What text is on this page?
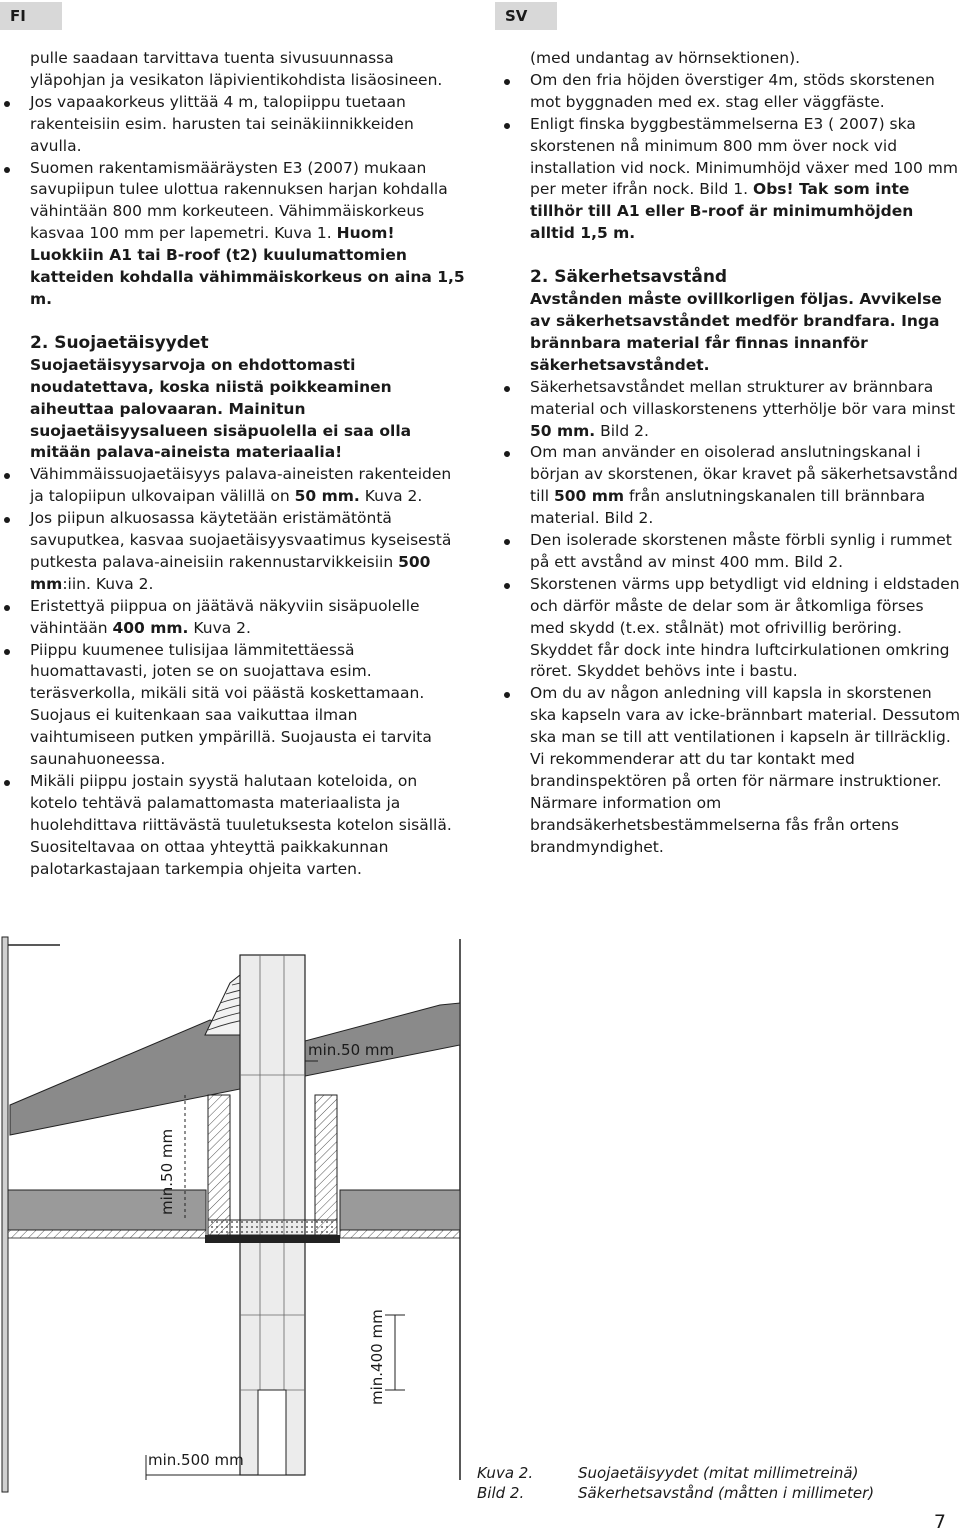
FI	SV

pulle saadaan tarvittava tuenta sivusuunnassa yläpohjan ja vesikaton läpivientikohdista lisäosineen.

Jos vapaakorkeus ylittää 4 m, talopiippu tuetaan rakenteisiin esim. harusten tai seinäkiinnikkeiden avulla.
Suomen rakentamismääräysten E3 (2007) mukaan savupiipun tulee ulottua rakennuksen harjan kohdalla vähintään 800 mm korkeuteen. Vähimmäiskorkeus kasvaa 100 mm per lapemetri. Kuva 1. Huom! Luokkiin A1 tai B-roof (t2) kuulumattomien katteiden kohdalla vähimmäiskorkeus on aina 1,5 m.

2. Suojaetäisyydet

Suojaetäisyysarvoja on ehdottomasti noudatettava, koska niistä poikkeaminen aiheuttaa palovaaran. Mainitun suojaetäisyysalueen sisäpuolella ei saa olla mitään palava-aineista materiaalia!

Vähimmäissuojaetäisyys palava-aineisten rakenteiden ja talopiipun ulkovaipan välillä on 50 mm. Kuva 2.
Jos piipun alkuosassa käytetään eristämätöntä savuputkea, kasvaa suojaetäisyysvaatimus kyseisestä putkesta palava-aineisiin rakennustarvikkeisiin 500 mm:iin. Kuva 2.
Eristettyä piippua on jäätävä näkyviin sisäpuolelle vähintään 400 mm. Kuva 2.
Piippu kuumenee tulisijaa lämmitettäessä huomattavasti, joten se on suojattava esim. teräsverkolla, mikäli sitä voi päästä koskettamaan. Suojaus ei kuitenkaan saa vaikuttaa ilman vaihtumiseen putken ympärillä. Suojausta ei tarvita saunahuoneessa.
Mikäli piippu jostain syystä halutaan koteloida, on kotelo tehtävä palamattomasta materiaalista ja huolehdittava riittävästä tuuletuksesta kotelon sisällä. Suositeltavaa on ottaa yhteyttä paikkakunnan palotarkastajaan tarkempia ohjeita varten.

(med undantag av hörnsektionen).

Om den fria höjden överstiger 4m, stöds skorstenen mot byggnaden med ex. stag eller väggfäste.
Enligt finska byggbestämmelserna E3 ( 2007) ska skorstenen nå minimum 800 mm över nock vid installation vid nock. Minimumhöjd växer med 100 mm per meter ifrån nock. Bild 1. Obs! Tak som inte tillhör till A1 eller B-roof är minimumhöjden alltid 1,5 m.

2. Säkerhetsavstånd

Avstånden måste ovillkorligen följas. Avvikelse av säkerhetsavståndet medför brandfara. Inga brännbara material får finnas innanför säkerhetsavståndet.

Säkerhetsavståndet mellan strukturer av brännbara material och villaskorstenens ytterhölje bör vara minst 50 mm. Bild 2.
Om man använder en oisolerad anslutningskanal i början av skorstenen, ökar kravet på säkerhetsavstånd till 500 mm från anslutningskanalen till brännbara material. Bild 2.
Den isolerade skorstenen måste förbli synlig i rummet på ett avstånd av minst 400 mm. Bild 2.
Skorstenen värms upp betydligt vid eldning i eldstaden och därför måste de delar som är åtkomliga förses med skydd (t.ex. stålnät) mot ofrivillig beröring. Skyddet får dock inte hindra luftcirkulationen omkring röret. Skyddet behövs inte i bastu.
Om du av någon anledning vill kapsla in skorstenen ska kapseln vara av icke-brännbart material. Dessutom ska man se till att ventilationen i kapseln är tillräcklig. Vi rekommenderar att du tar kontakt med brandinspektören på orten för närmare instruktioner.

Närmare information om brandsäkerhetsbestämmelserna fås från ortens brandmyndighet.

min.50 mm
min.50 mm
min.400 mm
min.500 mm
Kuva 2.	Suojaetäisyydet (mitat millimetreinä)
Bild 2.	Säkerhetsavstånd (måtten i millimeter)
7
